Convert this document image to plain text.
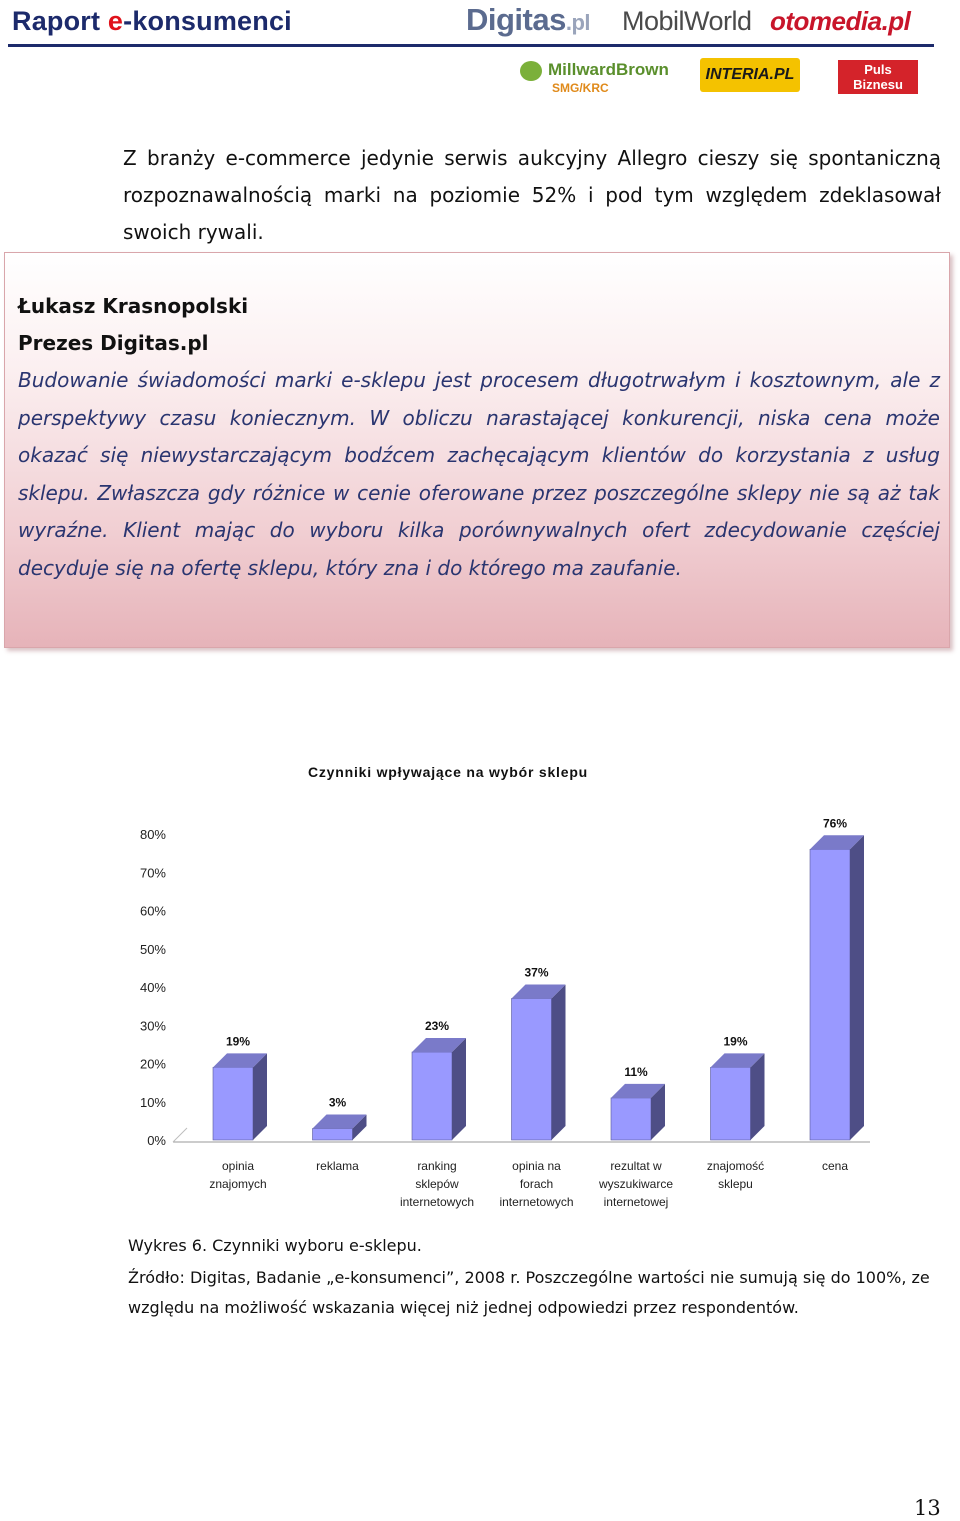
Raport e-konsumenci	Digitas.pl MobilWorld otomedia.pl
MillwardBrown
SMG/KRC
INTERIA.PL	Puls
Biznesu
Z branży e-commerce jedynie serwis aukcyjny Allegro cieszy się spontaniczną rozpoznawalnością marki na poziomie 52% i pod tym względem zdeklasował swoich rywali.
Łukasz Krasnopolski
Prezes Digitas.pl
Budowanie świadomości marki e-sklepu jest procesem długotrwałym i kosztownym, ale z perspektywy czasu koniecznym. W obliczu narastającej konkurencji, niska cena może okazać się niewystarczającym bodźcem zachęcającym klientów do korzystania z usług sklepu. Zwłaszcza gdy różnice w cenie oferowane przez poszczególne sklepy nie są aż tak wyraźne. Klient mając do wyboru kilka porównywalnych ofert zdecydowanie częściej decyduje się na ofertę sklepu, który zna i do którego ma zaufanie.
Czynniki wpływające na wybór sklepu
0%
10%
20%
30%
40%
50%
60%
70%
80%
19%
3%
23%
37%
11%
19%
76%
opinia
znajomych
reklama	ranking
sklepów
internetowych
opinia na
forach
internetowych
rezultat w
wyszukiwarce
internetowej
znajomość
sklepu
cena
Wykres 6. Czynniki wyboru e-sklepu.
Źródło: Digitas, Badanie „e-konsumenci”, 2008 r. Poszczególne wartości nie sumują się do 100%, ze względu na możliwość wskazania więcej niż jednej odpowiedzi przez respondentów.
13
